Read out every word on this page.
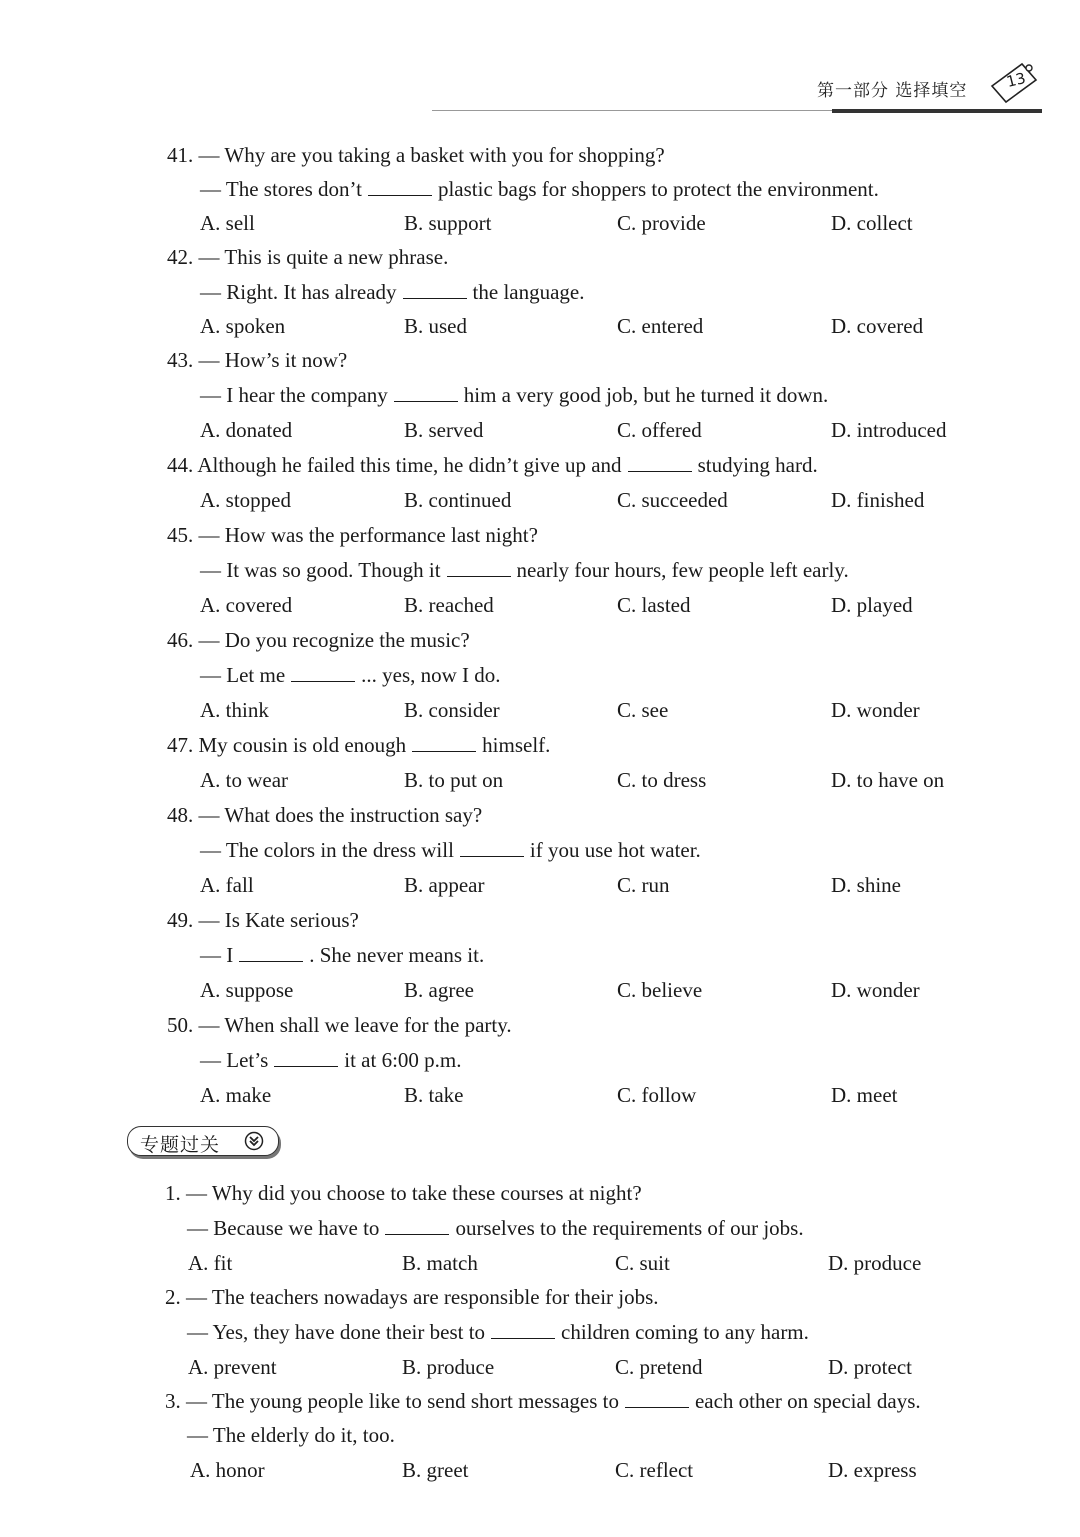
第一部分 选择填空 13
41. — Why are you taking a basket with you for shopping?
— The stores don’t	plastic bags for shoppers to protect the environment.
A. sell	B. support	C. provide	D. collect
42. — This is quite a new phrase.
— Right. It has already	the language.
A. spoken	B. used	C. entered	D. covered
43. — How’s it now?
— I hear the company	him a very good job, but he turned it down.
A. donated	B. served	C. offered	D. introduced
44. Although he failed this time, he didn’t give up and	studying hard.
A. stopped	B. continued	C. succeeded	D. finished
45. — How was the performance last night?
— It was so good. Though it	nearly four hours, few people left early.
A. covered	B. reached	C. lasted	D. played
46. — Do you recognize the music?
— Let me	... yes, now I do.
A. think	B. consider	C. see	D. wonder
47. My cousin is old enough	himself.
A. to wear	B. to put on	C. to dress	D. to have on
48. — What does the instruction say?
— The colors in the dress will	if you use hot water.
A. fall	B. appear	C. run	D. shine
49. — Is Kate serious?
— I	. She never means it.
A. suppose	B. agree	C. believe	D. wonder
50. — When shall we leave for the party.
— Let’s	it at 6:00 p.m.
A. make	B. take	C. follow	D. meet
专题过关
1. — Why did you choose to take these courses at night?
— Because we have to	ourselves to the requirements of our jobs.
A. fit	B. match	C. suit	D. produce
2. — The teachers nowadays are responsible for their jobs.
— Yes, they have done their best to	children coming to any harm.
A. prevent	B. produce	C. pretend	D. protect
3. — The young people like to send short messages to	each other on special days.
— The elderly do it, too.
A. honor	B. greet	C. reflect	D. express
